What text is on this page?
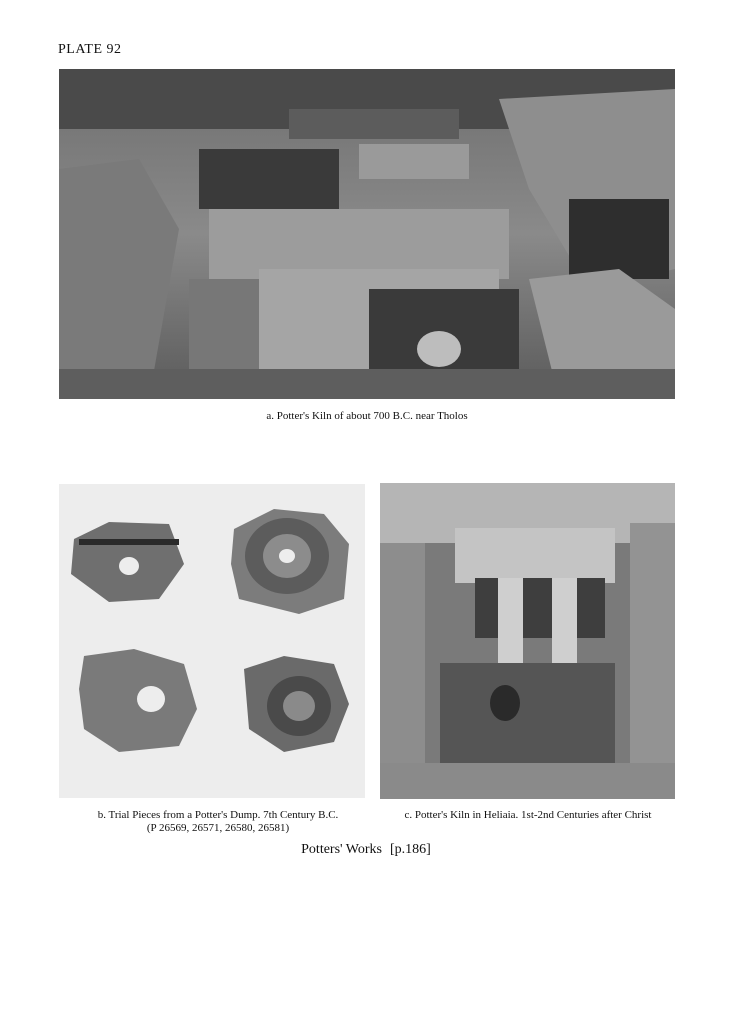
PLATE 92
a. Potter's Kiln of about 700 B.C. near Tholos
b. Trial Pieces from a Potter's Dump. 7th Century B.C.
(P 26569, 26571, 26580, 26581)
c. Potter's Kiln in Heliaia. 1st-2nd Centuries after Christ
Potters' Works [p.186]
